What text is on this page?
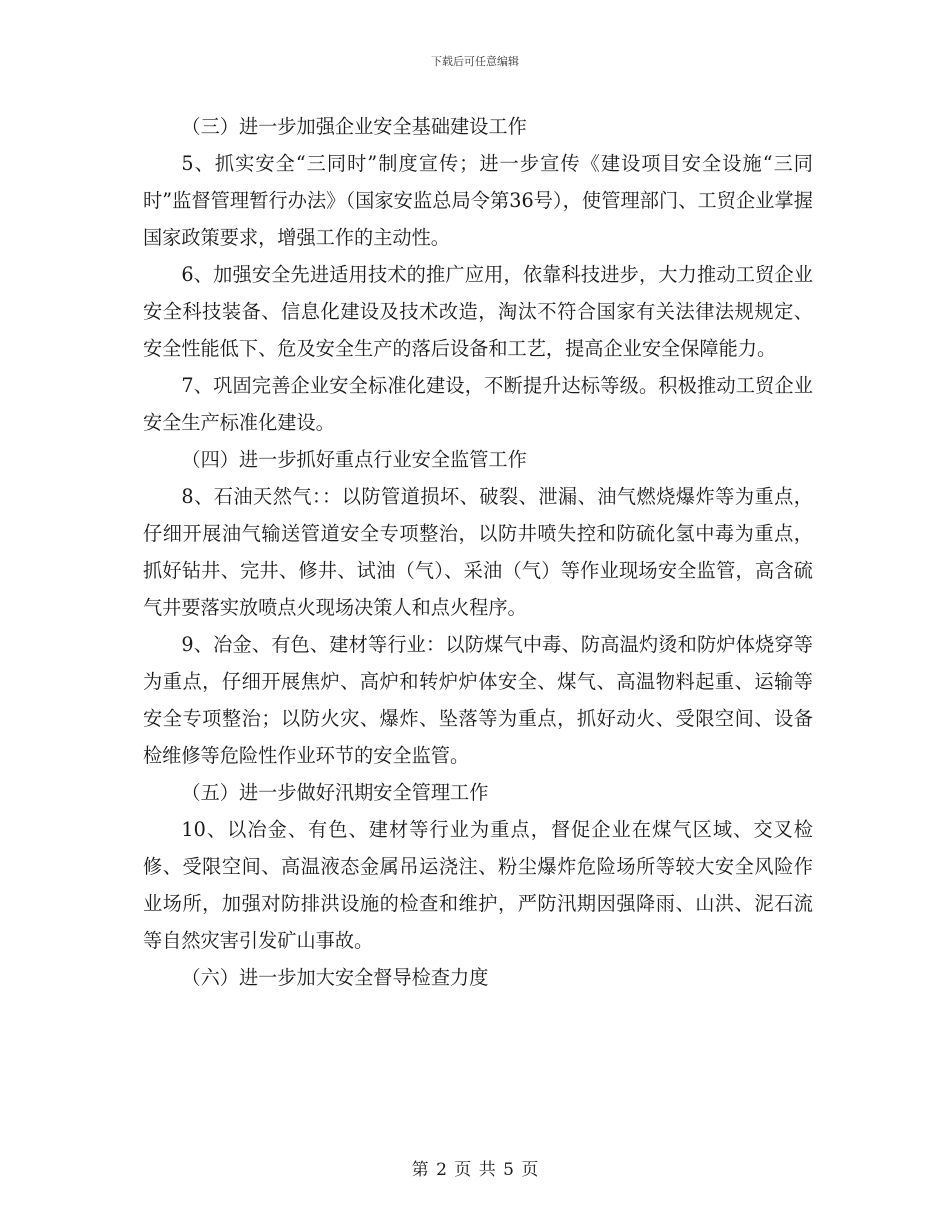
下载后可任意编辑

（三）进一步加强企业安全基础建设工作

5、抓实安全“三同时”制度宣传；进一步宣传《建设项目安全设施“三同时”监督管理暂行办法》（国家安监总局令第36号），使管理部门、工贸企业掌握国家政策要求，增强工作的主动性。

6、加强安全先进适用技术的推广应用，依靠科技进步，大力推动工贸企业安全科技装备、信息化建设及技术改造，淘汰不符合国家有关法律法规规定、安全性能低下、危及安全生产的落后设备和工艺，提高企业安全保障能力。

7、巩固完善企业安全标准化建设，不断提升达标等级。积极推动工贸企业安全生产标准化建设。

（四）进一步抓好重点行业安全监管工作

8、石油天然气：：以防管道损坏、破裂、泄漏、油气燃烧爆炸等为重点，仔细开展油气输送管道安全专项整治，以防井喷失控和防硫化氢中毒为重点，抓好钻井、完井、修井、试油（气）、采油（气）等作业现场安全监管，高含硫气井要落实放喷点火现场决策人和点火程序。

9、冶金、有色、建材等行业：以防煤气中毒、防高温灼烫和防炉体烧穿等为重点，仔细开展焦炉、高炉和转炉炉体安全、煤气、高温物料起重、运输等安全专项整治；以防火灾、爆炸、坠落等为重点，抓好动火、受限空间、设备检维修等危险性作业环节的安全监管。

（五）进一步做好汛期安全管理工作

10、以冶金、有色、建材等行业为重点，督促企业在煤气区域、交叉检修、受限空间、高温液态金属吊运浇注、粉尘爆炸危险场所等较大安全风险作业场所，加强对防排洪设施的检查和维护，严防汛期因强降雨、山洪、泥石流等自然灾害引发矿山事故。

（六）进一步加大安全督导检查力度

第 2 页 共 5 页
